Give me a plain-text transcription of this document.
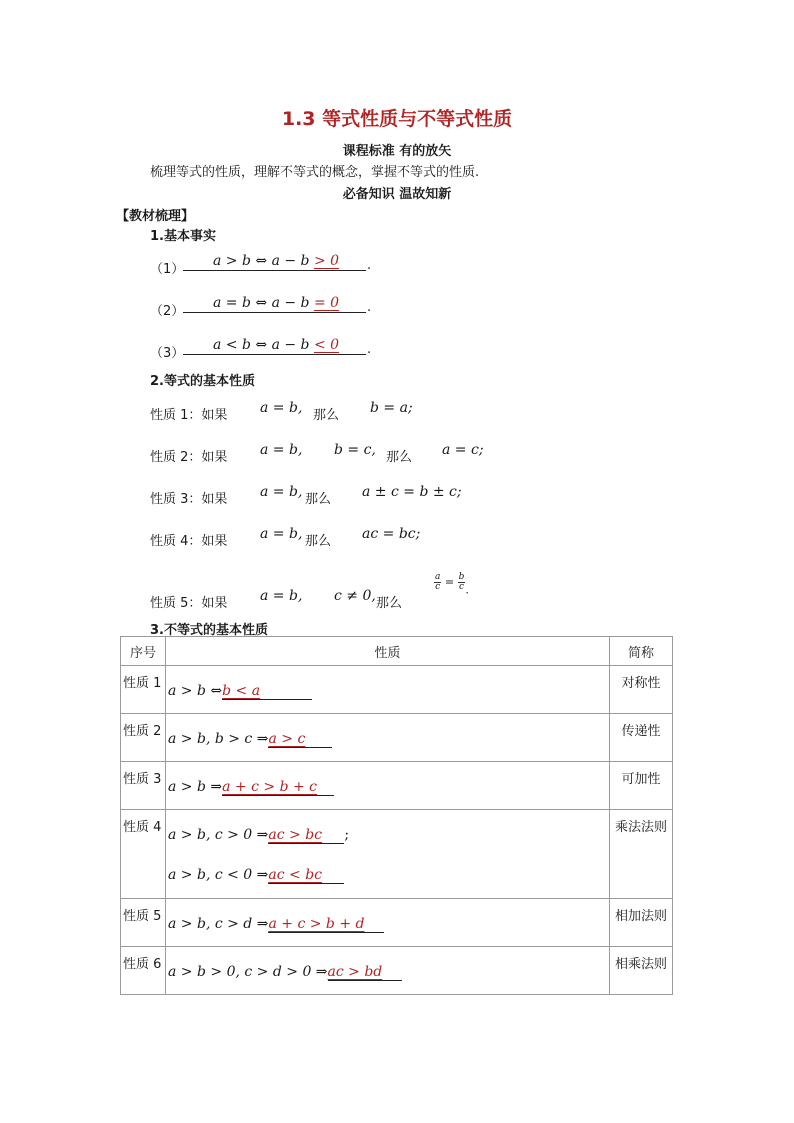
1.3 等式性质与不等式性质
课程标准 有的放矢
梳理等式的性质，理解不等式的概念，掌握不等式的性质.
必备知识 温故知新
【教材梳理】
1.基本事实
（1）
a > b ⇔ a − b > 0 .
（2）
a = b ⇔ a − b = 0 .
（3）
a < b ⇔ a − b < 0 .
2.等式的基本性质
性质 1：如果 a = b, 那么 b = a;
性质 2：如果 a = b, b = c, 那么 a = c;
性质 3：如果 a = b, 那么 a ± c = b ± c;
性质 4：如果 a = b, 那么 ac = bc;
性质 5：如果 a = b, c ≠ 0, 那么
$\frac{a}{c} = \frac{b}{c}$ .
3.不等式的基本性质
序号	性质	简称
性质 1	a > b ⇔b < a	对称性
性质 2	a > b, b > c ⇒a > c	传递性
性质 3	a > b ⇒a + c > b + c	可加性
性质 4	a > b, c > 0 ⇒ac > bc ;
a > b, c < 0 ⇒ac < bc	乘法法则
性质 5	a > b, c > d ⇒a + c > b + d	相加法则
性质 6	a > b > 0, c > d > 0 ⇒ac > bd	相乘法则
